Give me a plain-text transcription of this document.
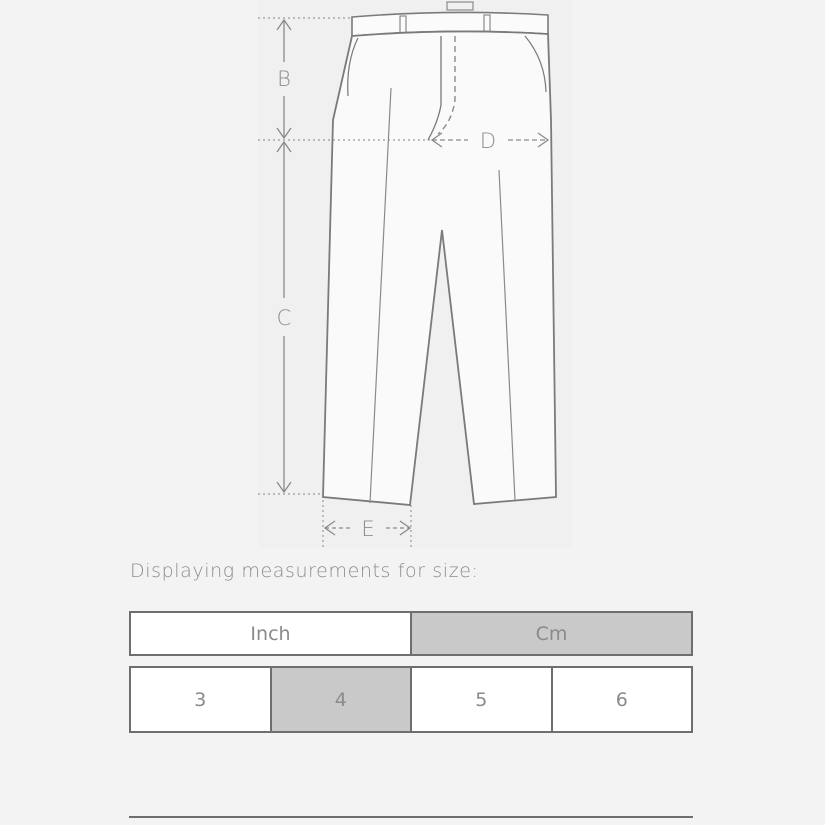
B
C
D
E
Displaying measurements for size:
Inch	Cm
3	4	5	6
